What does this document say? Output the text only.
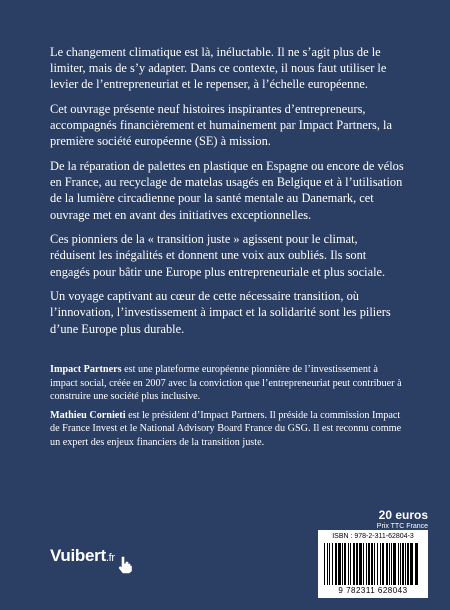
Le changement climatique est là, inéluctable. Il ne s’agit plus de le limiter, mais de s’y adapter. Dans ce contexte, il nous faut utiliser le levier de l’entrepreneuriat et le repenser, à l’échelle européenne.

Cet ouvrage présente neuf histoires inspirantes d’entrepreneurs, accompagnés financièrement et humainement par Impact Partners, la première société européenne (SE) à mission.

De la réparation de palettes en plastique en Espagne ou encore de vélos en France, au recyclage de matelas usagés en Belgique et à l’utilisation de la lumière circadienne pour la santé mentale au Danemark, cet ouvrage met en avant des initiatives exceptionnelles.

Ces pionniers de la « transition juste » agissent pour le climat, réduisent les inégalités et donnent une voix aux oubliés. Ils sont engagés pour bâtir une Europe plus entrepreneuriale et plus sociale.

Un voyage captivant au cœur de cette nécessaire transition, où l’innovation, l’investissement à impact et la solidarité sont les piliers d’une Europe plus durable.

Impact Partners est une plateforme européenne pionnière de l’investissement à impact social, créée en 2007 avec la conviction que l’entrepreneuriat peut contribuer à construire une société plus inclusive.

Mathieu Cornieti est le président d’Impact Partners. Il préside la commission Impact de France Invest et le National Advisory Board France du GSG. Il est reconnu comme un expert des enjeux financiers de la transition juste.

20 euros
Prix TTC France
ISBN : 978-2-311-62804-3
9 782311 628043
Vuibert.fr
